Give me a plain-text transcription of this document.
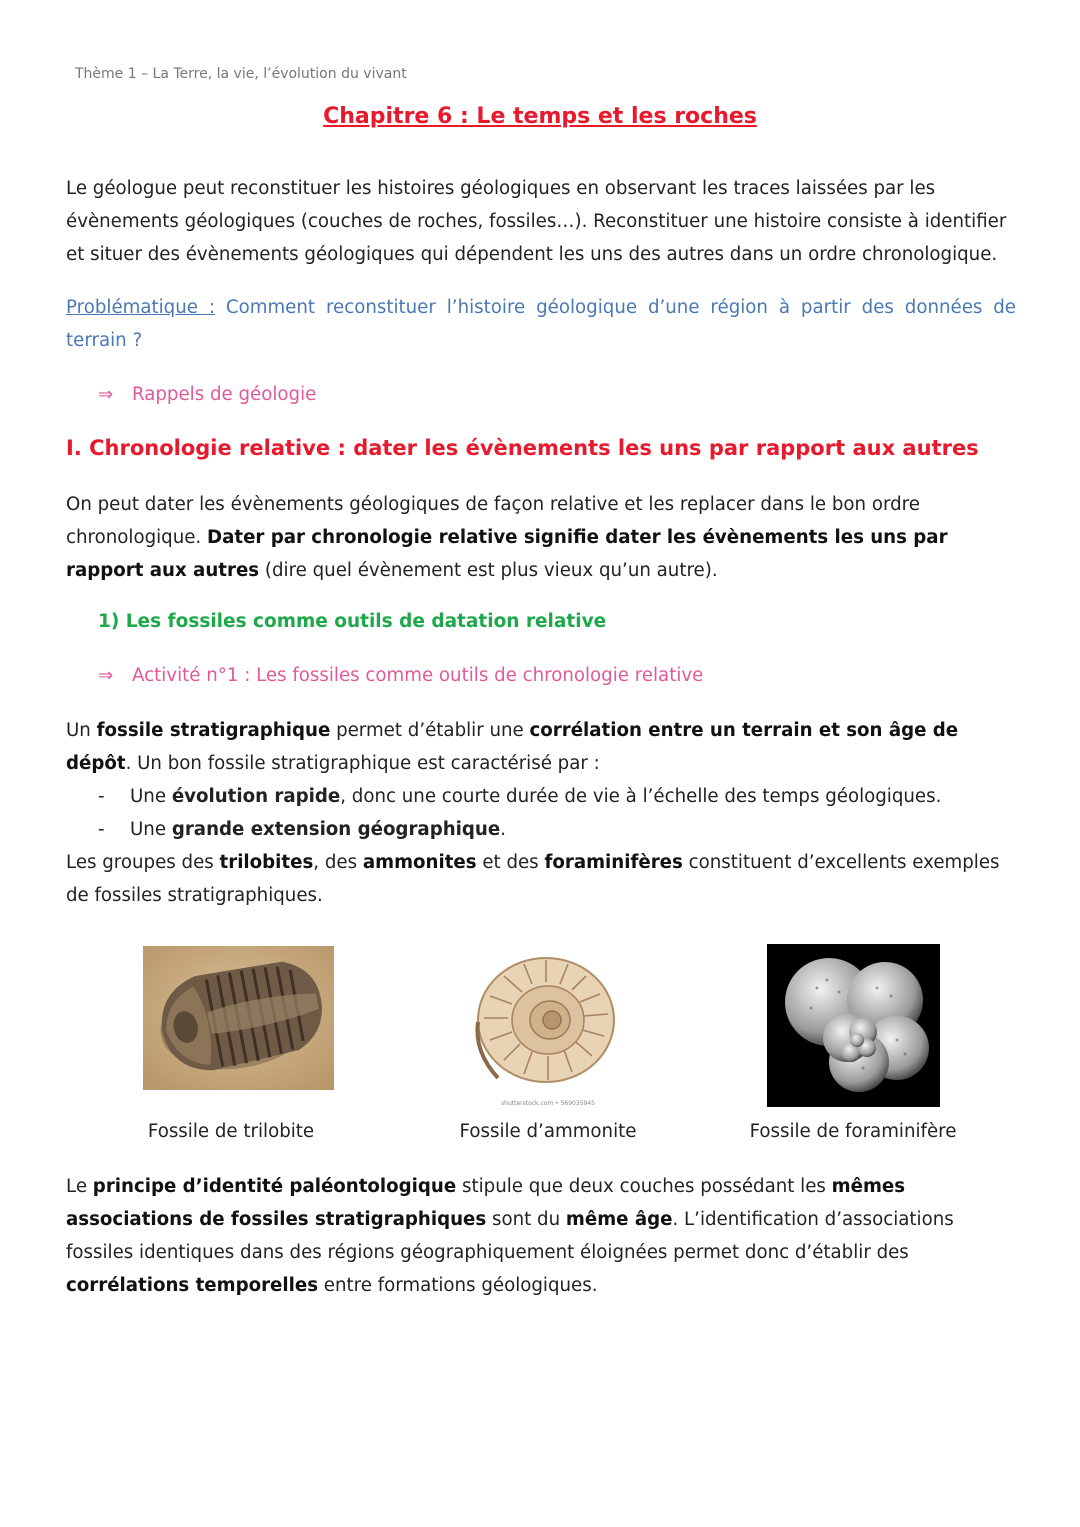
Thème 1 – La Terre, la vie, l’évolution du vivant
Chapitre 6 : Le temps et les roches
Le géologue peut reconstituer les histoires géologiques en observant les traces laissées par les
évènements géologiques (couches de roches, fossiles…). Reconstituer une histoire consiste à identifier
et situer des évènements géologiques qui dépendent les uns des autres dans un ordre chronologique.
Problématique : Comment reconstituer l’histoire géologique d’une région à partir des données de
terrain ?
⇒ Rappels de géologie
I. Chronologie relative : dater les évènements les uns par rapport aux autres
On peut dater les évènements géologiques de façon relative et les replacer dans le bon ordre
chronologique. Dater par chronologie relative signifie dater les évènements les uns par
rapport aux autres (dire quel évènement est plus vieux qu’un autre).
1) Les fossiles comme outils de datation relative
⇒ Activité n°1 : Les fossiles comme outils de chronologie relative
Un fossile stratigraphique permet d’établir une corrélation entre un terrain et son âge de
dépôt. Un bon fossile stratigraphique est caractérisé par :
- Une évolution rapide, donc une courte durée de vie à l’échelle des temps géologiques.
- Une grande extension géographique.
Les groupes des trilobites, des ammonites et des foraminifères constituent d’excellents exemples
de fossiles stratigraphiques.
shutterstock.com • 569035945
Fossile de trilobite	Fossile d’ammonite	Fossile de foraminifère
Le principe d’identité paléontologique stipule que deux couches possédant les mêmes
associations de fossiles stratigraphiques sont du même âge. L’identification d’associations
fossiles identiques dans des régions géographiquement éloignées permet donc d’établir des
corrélations temporelles entre formations géologiques.
